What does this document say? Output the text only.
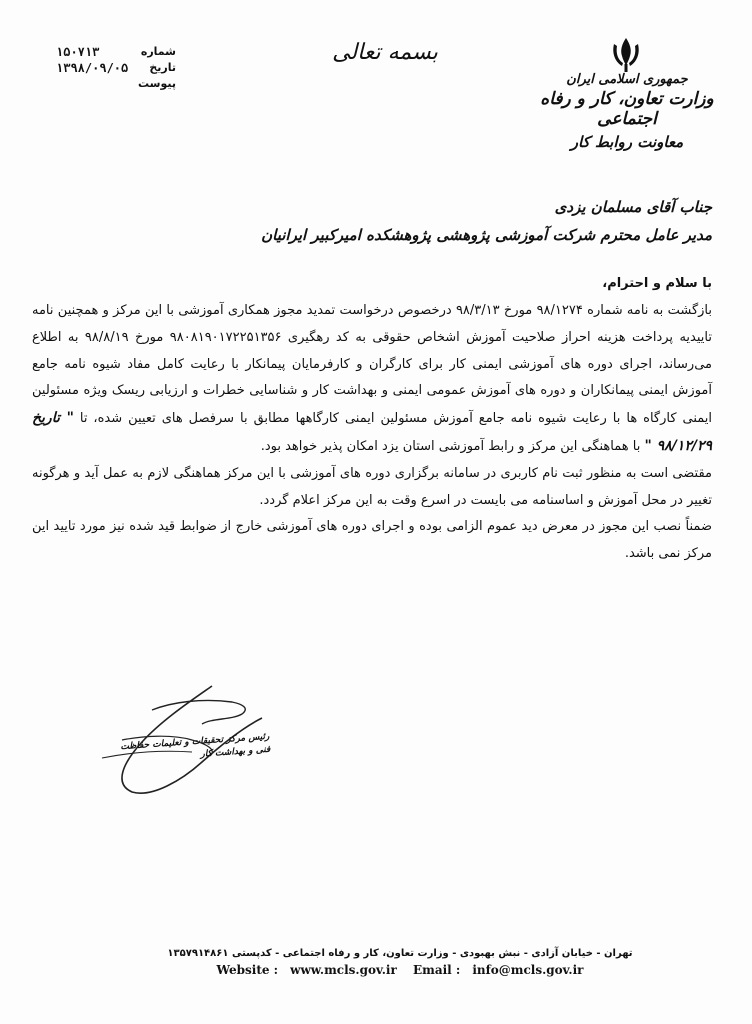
شماره
۱۵۰۷۱۳
تاریخ
۱۳۹۸/۰۹/۰۵
پیوست
بسمه تعالی
جمهوری اسلامی ایران
وزارت تعاون، کار و رفاه اجتماعی
معاونت روابط کار
جناب آقای مسلمان یزدی
مدیر عامل محترم شرکت آموزشی پژوهشی پژوهشکده امیرکبیر ایرانیان
با سلام و احترام،

بازگشت به نامه شماره ۹۸/۱۲۷۴ مورخ ۹۸/۳/۱۳ درخصوص درخواست تمدید مجوز همکاری آموزشی با این مرکز و همچنین نامه تاییدیه پرداخت هزینه احراز صلاحیت آموزش اشخاص حقوقی به کد رهگیری ۹۸۰۸۱۹۰۱۷۲۲۵۱۳۵۶ مورخ ۹۸/۸/۱۹ به اطلاع می‌رساند، اجرای دوره های آموزشی ایمنی کار برای کارگران و کارفرمایان پیمانکار با رعایت کامل مفاد شیوه نامه جامع آموزش ایمنی پیمانکاران و دوره های آموزش عمومی ایمنی و بهداشت کار و شناسایی خطرات و ارزیابی ریسک ویژه مسئولین ایمنی کارگاه ها با رعایت شیوه نامه جامع آموزش مسئولین ایمنی کارگاهها مطابق با سرفصل های تعیین شده، تا " تاریخ ۹۸/۱۲/۲۹ " با هماهنگی این مرکز و رابط آموزشی استان یزد امکان پذیر خواهد بود.

مقتضی است به منظور ثبت نام کاربری در سامانه برگزاری دوره های آموزشی با این مرکز هماهنگی لازم به عمل آید و هرگونه تغییر در محل آموزش و اساسنامه می بایست در اسرع وقت به این مرکز اعلام گردد.

ضمناً نصب این مجوز در معرض دید عموم الزامی بوده و اجرای دوره های آموزشی خارج از ضوابط قید شده نیز مورد تایید این مرکز نمی باشد.

رئیس مرکز تحقیقات و تعلیمات حفاظت فنی و بهداشت کار
تهران - خیابان آزادی - نبش بهبودی - وزارت تعاون، کار و رفاه اجتماعی - کدپستی ۱۳۵۷۹۱۴۸۶۱
Website : www.mcls.gov.ir Email : info@mcls.gov.ir
